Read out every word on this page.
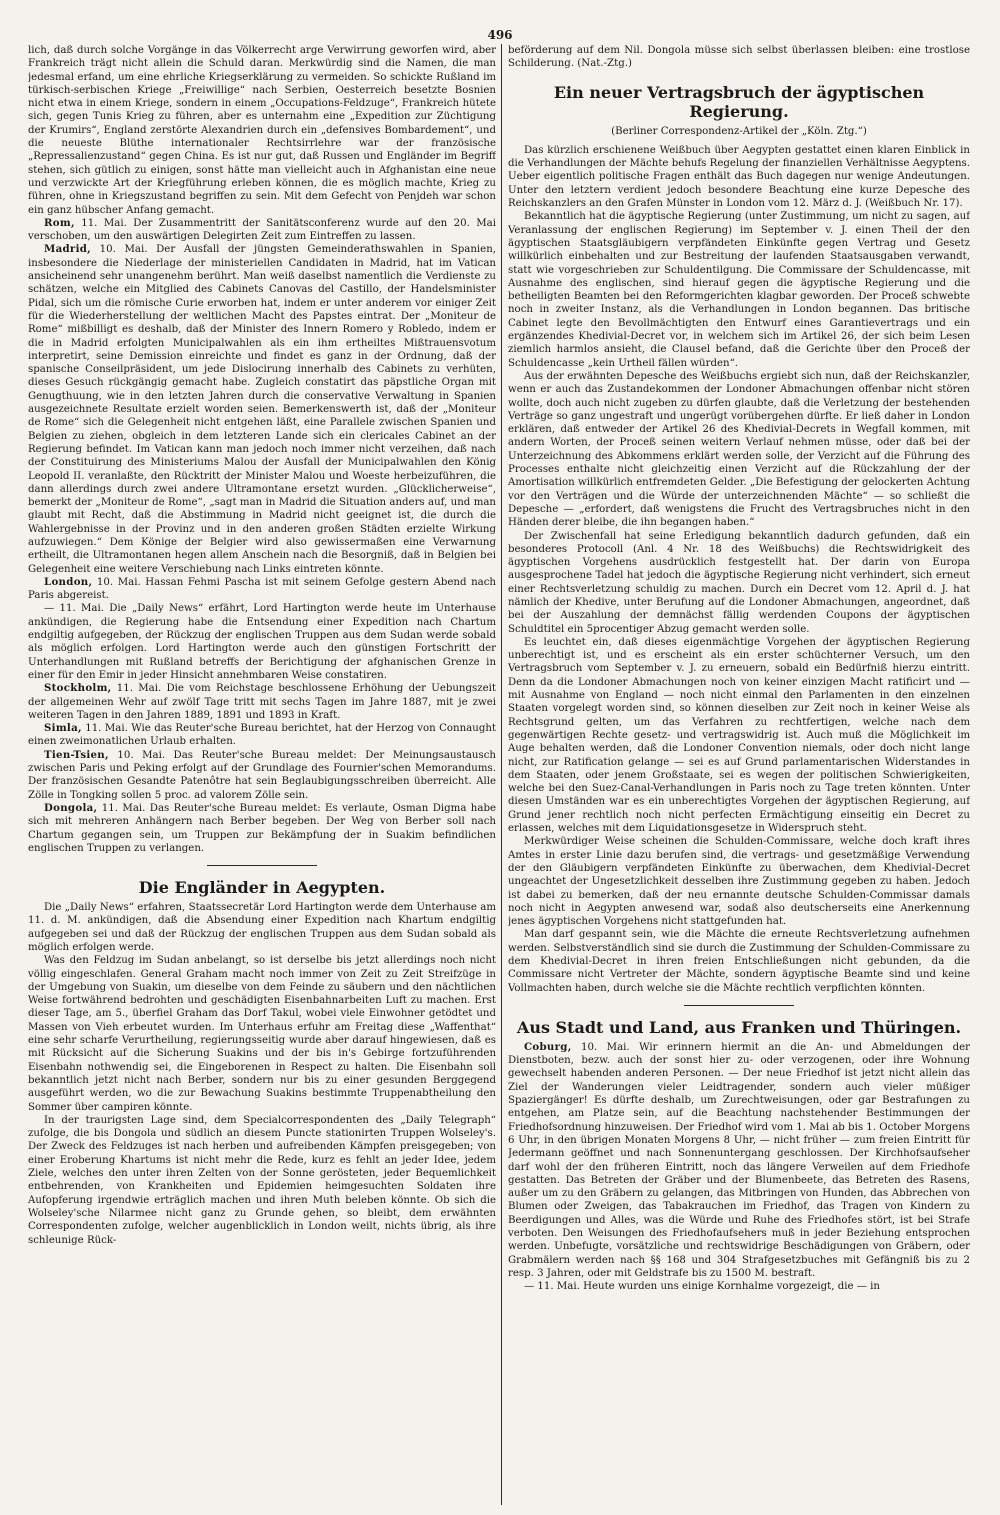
496

lich, daß durch solche Vorgänge in das Völkerrecht arge Verwirrung geworfen wird, aber Frankreich trägt nicht allein die Schuld daran. Merkwürdig sind die Namen, die man jedesmal erfand, um eine ehrliche Kriegserklärung zu vermeiden. So schickte Rußland im türkisch-serbischen Kriege „Freiwillige“ nach Serbien, Oesterreich besetzte Bosnien nicht etwa in einem Kriege, sondern in einem „Occupations-Feldzuge“, Frankreich hütete sich, gegen Tunis Krieg zu führen, aber es unternahm eine „Expedition zur Züchtigung der Krumirs“, England zerstörte Alexandrien durch ein „defensives Bombardement“, und die neueste Blüthe internationaler Rechtsirrlehre war der französische „Repressalienzustand“ gegen China. Es ist nur gut, daß Russen und Engländer im Begriff stehen, sich gütlich zu einigen, sonst hätte man vielleicht auch in Afghanistan eine neue und verzwickte Art der Kriegführung erleben können, die es möglich machte, Krieg zu führen, ohne in Kriegszustand begriffen zu sein. Mit dem Gefecht von Penjdeh war schon ein ganz hübscher Anfang gemacht.

Rom, 11. Mai. Der Zusammentritt der Sanitätsconferenz wurde auf den 20. Mai verschoben, um den auswärtigen Delegirten Zeit zum Eintreffen zu lassen.

Madrid, 10. Mai. Der Ausfall der jüngsten Gemeinderathswahlen in Spanien, insbesondere die Niederlage der ministeriellen Candidaten in Madrid, hat im Vatican ansicheinend sehr unangenehm berührt. Man weiß daselbst namentlich die Verdienste zu schätzen, welche ein Mitglied des Cabinets Canovas del Castillo, der Handelsminister Pidal, sich um die römische Curie erworben hat, indem er unter anderem vor einiger Zeit für die Wiederherstellung der weltlichen Macht des Papstes eintrat. Der „Moniteur de Rome“ mißbilligt es deshalb, daß der Minister des Innern Romero y Robledo, indem er die in Madrid erfolgten Municipalwahlen als ein ihm ertheiltes Mißtrauensvotum interpretirt, seine Demission einreichte und findet es ganz in der Ordnung, daß der spanische Conseilpräsident, um jede Dislocirung innerhalb des Cabinets zu verhüten, dieses Gesuch rückgängig gemacht habe. Zugleich constatirt das päpstliche Organ mit Genugthuung, wie in den letzten Jahren durch die conservative Verwaltung in Spanien ausgezeichnete Resultate erzielt worden seien. Bemerkenswerth ist, daß der „Moniteur de Rome“ sich die Gelegenheit nicht entgehen läßt, eine Parallele zwischen Spanien und Belgien zu ziehen, obgleich in dem letzteren Lande sich ein clericales Cabinet an der Regierung befindet. Im Vatican kann man jedoch noch immer nicht verzeihen, daß nach der Constituirung des Ministeriums Malou der Ausfall der Municipalwahlen den König Leopold II. veranlaßte, den Rücktritt der Minister Malou und Woeste herbeizuführen, die dann allerdings durch zwei andere Ultramontane ersetzt wurden. „Glücklicherweise“, bemerkt der „Moniteur de Rome“, „sagt man in Madrid die Situation anders auf, und man glaubt mit Recht, daß die Abstimmung in Madrid nicht geeignet ist, die durch die Wahlergebnisse in der Provinz und in den anderen großen Städten erzielte Wirkung aufzuwiegen.“ Dem Könige der Belgier wird also gewissermaßen eine Verwarnung ertheilt, die Ultramontanen hegen allem Anschein nach die Besorgniß, daß in Belgien bei Gelegenheit eine weitere Verschiebung nach Links eintreten könnte.

London, 10. Mai. Hassan Fehmi Pascha ist mit seinem Gefolge gestern Abend nach Paris abgereist.

— 11. Mai. Die „Daily News“ erfährt, Lord Hartington werde heute im Unterhause ankündigen, die Regierung habe die Entsendung einer Expedition nach Chartum endgiltig aufgegeben, der Rückzug der englischen Truppen aus dem Sudan werde sobald als möglich erfolgen. Lord Hartington werde auch den günstigen Fortschritt der Unterhandlungen mit Rußland betreffs der Berichtigung der afghanischen Grenze in einer für den Emir in jeder Hinsicht annehmbaren Weise constatiren.

Stockholm, 11. Mai. Die vom Reichstage beschlossene Erhöhung der Uebungszeit der allgemeinen Wehr auf zwölf Tage tritt mit sechs Tagen im Jahre 1887, mit je zwei weiteren Tagen in den Jahren 1889, 1891 und 1893 in Kraft.

Simla, 11. Mai. Wie das Reuter'sche Bureau berichtet, hat der Herzog von Connaught einen zweimonatlichen Urlaub erhalten.

Tien-Tsien, 10. Mai. Das Reuter'sche Bureau meldet: Der Meinungsaustausch zwischen Paris und Peking erfolgt auf der Grundlage des Fournier'schen Memorandums. Der französischen Gesandte Patenôtre hat sein Beglaubigungsschreiben überreicht. Alle Zölle in Tongking sollen 5 proc. ad valorem Zölle sein.

Dongola, 11. Mai. Das Reuter'sche Bureau meldet: Es verlaute, Osman Digma habe sich mit mehreren Anhängern nach Berber begeben. Der Weg von Berber soll nach Chartum gegangen sein, um Truppen zur Bekämpfung der in Suakim befindlichen englischen Truppen zu verlangen.

Die Engländer in Aegypten.

Die „Daily News“ erfahren, Staatssecretär Lord Hartington werde dem Unterhause am 11. d. M. ankündigen, daß die Absendung einer Expedition nach Khartum endgiltig aufgegeben sei und daß der Rückzug der englischen Truppen aus dem Sudan sobald als möglich erfolgen werde.

Was den Feldzug im Sudan anbelangt, so ist derselbe bis jetzt allerdings noch nicht völlig eingeschlafen. General Graham macht noch immer von Zeit zu Zeit Streifzüge in der Umgebung von Suakin, um dieselbe von dem Feinde zu säubern und den nächtlichen Weise fortwährend bedrohten und geschädigten Eisenbahnarbeiten Luft zu machen. Erst dieser Tage, am 5., überfiel Graham das Dorf Takul, wobei viele Einwohner getödtet und Massen von Vieh erbeutet wurden. Im Unterhaus erfuhr am Freitag diese „Waffenthat“ eine sehr scharfe Verurtheilung, regierungsseitig wurde aber darauf hingewiesen, daß es mit Rücksicht auf die Sicherung Suakins und der bis in's Gebirge fortzuführenden Eisenbahn nothwendig sei, die Eingeborenen in Respect zu halten. Die Eisenbahn soll bekanntlich jetzt nicht nach Berber, sondern nur bis zu einer gesunden Berggegend ausgeführt werden, wo die zur Bewachung Suakins bestimmte Truppenabtheilung den Sommer über campiren könnte.

In der traurigsten Lage sind, dem Specialcorrespondenten des „Daily Telegraph“ zufolge, die bis Dongola und südlich an diesem Puncte stationirten Truppen Wolseley's. Der Zweck des Feldzuges ist nach herben und aufreibenden Kämpfen preisgegeben; von einer Eroberung Khartums ist nicht mehr die Rede, kurz es fehlt an jeder Idee, jedem Ziele, welches den unter ihren Zelten von der Sonne gerösteten, jeder Bequemlichkeit entbehrenden, von Krankheiten und Epidemien heimgesuchten Soldaten ihre Aufopferung irgendwie erträglich machen und ihren Muth beleben könnte. Ob sich die Wolseley'sche Nilarmee nicht ganz zu Grunde gehen, so bleibt, dem erwähnten Correspondenten zufolge, welcher augenblicklich in London weilt, nichts übrig, als ihre schleunige Rück-

beförderung auf dem Nil. Dongola müsse sich selbst überlassen bleiben: eine trostlose Schilderung. (Nat.-Ztg.)

Ein neuer Vertragsbruch der ägyptischen Regierung.

(Berliner Correspondenz-Artikel der „Köln. Ztg.“)

Das kürzlich erschienene Weißbuch über Aegypten gestattet einen klaren Einblick in die Verhandlungen der Mächte behufs Regelung der finanziellen Verhältnisse Aegyptens. Ueber eigentlich politische Fragen enthält das Buch dagegen nur wenige Andeutungen. Unter den letztern verdient jedoch besondere Beachtung eine kurze Depesche des Reichskanzlers an den Grafen Münster in London vom 12. März d. J. (Weißbuch Nr. 17).

Bekanntlich hat die ägyptische Regierung (unter Zustimmung, um nicht zu sagen, auf Veranlassung der englischen Regierung) im September v. J. einen Theil der den ägyptischen Staatsgläubigern verpfändeten Einkünfte gegen Vertrag und Gesetz willkürlich einbehalten und zur Bestreitung der laufenden Staatsausgaben verwandt, statt wie vorgeschrieben zur Schuldentilgung. Die Commissare der Schuldencasse, mit Ausnahme des englischen, sind hierauf gegen die ägyptische Regierung und die betheiligten Beamten bei den Reformgerichten klagbar geworden. Der Proceß schwebte noch in zweiter Instanz, als die Verhandlungen in London begannen. Das britische Cabinet legte den Bevollmächtigten den Entwurf eines Garantievertrags und ein ergänzendes Khedivial-Decret vor, in welchem sich im Artikel 26, der sich beim Lesen ziemlich harmlos ansieht, die Clausel befand, daß die Gerichte über den Proceß der Schuldencasse „kein Urtheil fällen würden“.

Aus der erwähnten Depesche des Weißbuchs ergiebt sich nun, daß der Reichskanzler, wenn er auch das Zustandekommen der Londoner Abmachungen offenbar nicht stören wollte, doch auch nicht zugeben zu dürfen glaubte, daß die Verletzung der bestehenden Verträge so ganz ungestraft und ungerügt vorübergehen dürfte. Er ließ daher in London erklären, daß entweder der Artikel 26 des Khedivial-Decrets in Wegfall kommen, mit andern Worten, der Proceß seinen weitern Verlauf nehmen müsse, oder daß bei der Unterzeichnung des Abkommens erklärt werden solle, der Verzicht auf die Führung des Processes enthalte nicht gleichzeitig einen Verzicht auf die Rückzahlung der der Amortisation willkürlich entfremdeten Gelder. „Die Befestigung der gelockerten Achtung vor den Verträgen und die Würde der unterzeichnenden Mächte“ — so schließt die Depesche — „erfordert, daß wenigstens die Frucht des Vertragsbruches nicht in den Händen derer bleibe, die ihn begangen haben.“

Der Zwischenfall hat seine Erledigung bekanntlich dadurch gefunden, daß ein besonderes Protocoll (Anl. 4 Nr. 18 des Weißbuchs) die Rechtswidrigkeit des ägyptischen Vorgehens ausdrücklich festgestellt hat. Der darin von Europa ausgesprochene Tadel hat jedoch die ägyptische Regierung nicht verhindert, sich erneut einer Rechtsverletzung schuldig zu machen. Durch ein Decret vom 12. April d. J. hat nämlich der Khedive, unter Berufung auf die Londoner Abmachungen, angeordnet, daß bei der Auszahlung der demnächst fällig werdenden Coupons der ägyptischen Schuldtitel ein 5procentiger Abzug gemacht werden solle.

Es leuchtet ein, daß dieses eigenmächtige Vorgehen der ägyptischen Regierung unberechtigt ist, und es erscheint als ein erster schüchterner Versuch, um den Vertragsbruch vom September v. J. zu erneuern, sobald ein Bedürfniß hierzu eintritt. Denn da die Londoner Abmachungen noch von keiner einzigen Macht ratificirt und — mit Ausnahme von England — noch nicht einmal den Parlamenten in den einzelnen Staaten vorgelegt worden sind, so können dieselben zur Zeit noch in keiner Weise als Rechtsgrund gelten, um das Verfahren zu rechtfertigen, welche nach dem gegenwärtigen Rechte gesetz- und vertragswidrig ist. Auch muß die Möglichkeit im Auge behalten werden, daß die Londoner Convention niemals, oder doch nicht lange nicht, zur Ratification gelange — sei es auf Grund parlamentarischen Widerstandes in dem Staaten, oder jenem Großstaate, sei es wegen der politischen Schwierigkeiten, welche bei den Suez-Canal-Verhandlungen in Paris noch zu Tage treten könnten. Unter diesen Umständen war es ein unberechtigtes Vorgehen der ägyptischen Regierung, auf Grund jener rechtlich noch nicht perfecten Ermächtigung einseitig ein Decret zu erlassen, welches mit dem Liquidationsgesetze in Widerspruch steht.

Merkwürdiger Weise scheinen die Schulden-Commissare, welche doch kraft ihres Amtes in erster Linie dazu berufen sind, die vertrags- und gesetzmäßige Verwendung der den Gläubigern verpfändeten Einkünfte zu überwachen, dem Khedivial-Decret ungeachtet der Ungesetzlichkeit desselben ihre Zustimmung gegeben zu haben. Jedoch ist dabei zu bemerken, daß der neu ernannte deutsche Schulden-Commissar damals noch nicht in Aegypten anwesend war, sodaß also deutscherseits eine Anerkennung jenes ägyptischen Vorgehens nicht stattgefunden hat.

Man darf gespannt sein, wie die Mächte die erneute Rechtsverletzung aufnehmen werden. Selbstverständlich sind sie durch die Zustimmung der Schulden-Commissare zu dem Khedivial-Decret in ihren freien Entschließungen nicht gebunden, da die Commissare nicht Vertreter der Mächte, sondern ägyptische Beamte sind und keine Vollmachten haben, durch welche sie die Mächte rechtlich verpflichten könnten.

Aus Stadt und Land, aus Franken und Thüringen.

Coburg, 10. Mai. Wir erinnern hiermit an die An- und Abmeldungen der Dienstboten, bezw. auch der sonst hier zu- oder verzogenen, oder ihre Wohnung gewechselt habenden anderen Personen. — Der neue Friedhof ist jetzt nicht allein das Ziel der Wanderungen vieler Leidtragender, sondern auch vieler müßiger Spaziergänger! Es dürfte deshalb, um Zurechtweisungen, oder gar Bestrafungen zu entgehen, am Platze sein, auf die Beachtung nachstehender Bestimmungen der Friedhofsordnung hinzuweisen. Der Friedhof wird vom 1. Mai ab bis 1. October Morgens 6 Uhr, in den übrigen Monaten Morgens 8 Uhr, — nicht früher — zum freien Eintritt für Jedermann geöffnet und nach Sonnenuntergang geschlossen. Der Kirchhofsaufseher darf wohl der den früheren Eintritt, noch das längere Verweilen auf dem Friedhofe gestatten. Das Betreten der Gräber und der Blumenbeete, das Betreten des Rasens, außer um zu den Gräbern zu gelangen, das Mitbringen von Hunden, das Abbrechen von Blumen oder Zweigen, das Tabakrauchen im Friedhof, das Tragen von Kindern zu Beerdigungen und Alles, was die Würde und Ruhe des Friedhofes stört, ist bei Strafe verboten. Den Weisungen des Friedhofaufsehers muß in jeder Beziehung entsprochen werden. Unbefugte, vorsätzliche und rechtswidrige Beschädigungen von Gräbern, oder Grabmälern werden nach §§ 168 und 304 Strafgesetzbuches mit Gefängniß bis zu 2 resp. 3 Jahren, oder mit Geldstrafe bis zu 1500 M. bestraft.

— 11. Mai. Heute wurden uns einige Kornhalme vorgezeigt, die — in
